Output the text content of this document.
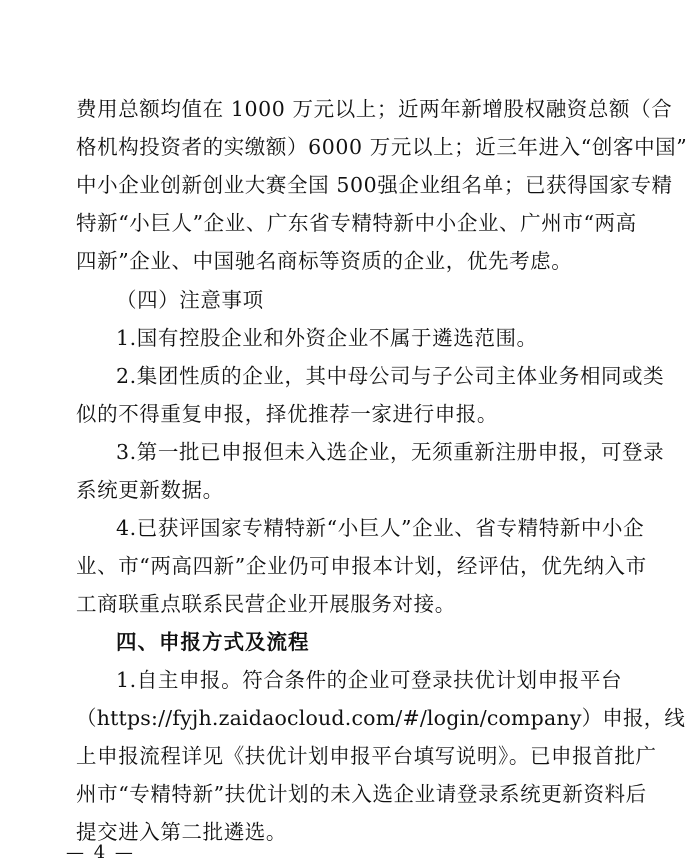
费用总额均值在 1000 万元以上；近两年新增股权融资总额（合
格机构投资者的实缴额）6000 万元以上；近三年进入“创客中国”
中小企业创新创业大赛全国 500强企业组名单；已获得国家专精
特新“小巨人”企业、广东省专精特新中小企业、广州市“两高
四新”企业、中国驰名商标等资质的企业，优先考虑。
（四）注意事项
1.国有控股企业和外资企业不属于遴选范围。
2.集团性质的企业，其中母公司与子公司主体业务相同或类
似的不得重复申报，择优推荐一家进行申报。
3.第一批已申报但未入选企业，无须重新注册申报，可登录
系统更新数据。
4.已获评国家专精特新“小巨人”企业、省专精特新中小企
业、市“两高四新”企业仍可申报本计划，经评估，优先纳入市
工商联重点联系民营企业开展服务对接。
四、申报方式及流程
1.自主申报。符合条件的企业可登录扶优计划申报平台
（https://fyjh.zaidaocloud.com/#/login/company）申报，线
上申报流程详见《扶优计划申报平台填写说明》。已申报首批广
州市“专精特新”扶优计划的未入选企业请登录系统更新资料后
提交进入第二批遴选。
— 4 —
